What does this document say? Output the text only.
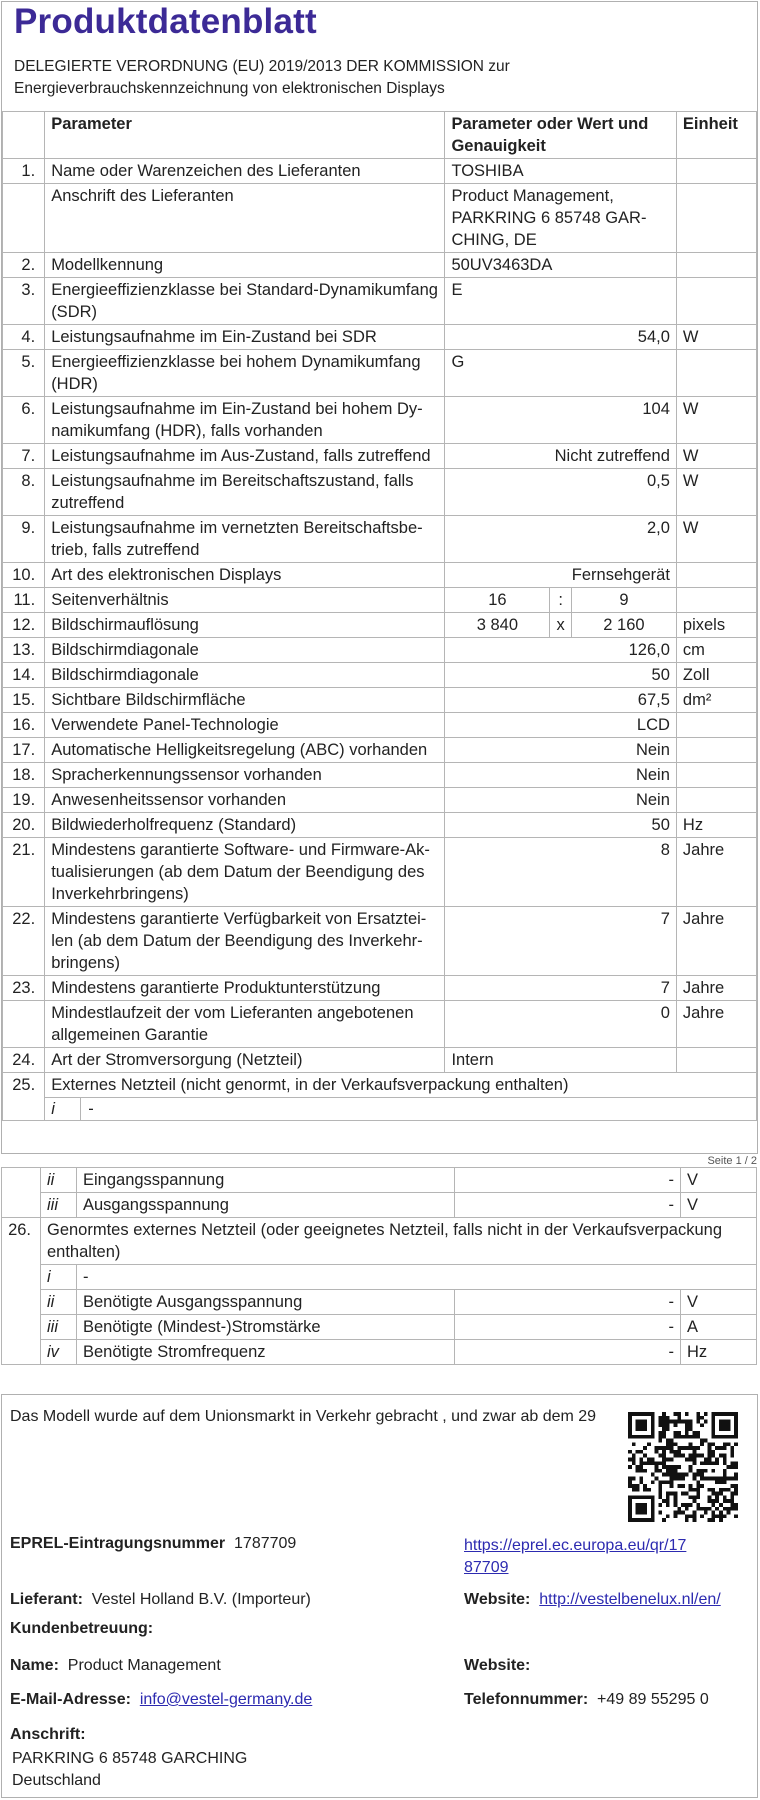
Produktdatenblatt
DELEGIERTE VERORDNUNG (EU) 2019/2013 DER KOMMISSION zur
Energieverbrauchskennzeichnung von elektronischen Displays
	Parameter	Parameter oder Wert und Genauigkeit			Einheit
1.	Name oder Warenzeichen des Lieferanten	TOSHIBA			
	Anschrift des Lieferanten	Product Management, PARKRING 6 85748 GAR-CHING, DE			
2.	Modellkennung	50UV3463DA			
3.	Energieeffizienzklasse bei Standard-Dynamikumfang (SDR)	E			
4.	Leistungsaufnahme im Ein-Zustand bei SDR	54,0			W
5.	Energieeffizienzklasse bei hohem Dynamikumfang (HDR)	G			
6.	Leistungsaufnahme im Ein-Zustand bei hohem Dy-namikumfang (HDR), falls vorhanden	104			W
7.	Leistungsaufnahme im Aus-Zustand, falls zutreffend	Nicht zutreffend			W
8.	Leistungsaufnahme im Bereitschaftszustand, falls zutreffend	0,5			W
9.	Leistungsaufnahme im vernetzten Bereitschaftsbe-trieb, falls zutreffend	2,0			W
10.	Art des elektronischen Displays	Fernsehgerät			
11.	Seitenverhältnis	16	:	9	
12.	Bildschirmauflösung	3 840	x	2 160	pixels
13.	Bildschirmdiagonale	126,0			cm
14.	Bildschirmdiagonale	50			Zoll
15.	Sichtbare Bildschirmfläche	67,5			dm²
16.	Verwendete Panel-Technologie	LCD			
17.	Automatische Helligkeitsregelung (ABC) vorhanden	Nein			
18.	Spracherkennungssensor vorhanden	Nein			
19.	Anwesenheitssensor vorhanden	Nein			
20.	Bildwiederholfrequenz (Standard)	50			Hz
21.	Mindestens garantierte Software- und Firmware-Ak-tualisierungen (ab dem Datum der Beendigung des Inverkehrbringens)	8			Jahre
22.	Mindestens garantierte Verfügbarkeit von Ersatztei-len (ab dem Datum der Beendigung des Inverkehr-bringens)	7			Jahre
23.	Mindestens garantierte Produktunterstützung	7			Jahre
	Mindestlaufzeit der vom Lieferanten angebotenen allgemeinen Garantie	0			Jahre
24.	Art der Stromversorgung (Netzteil)	Intern			
25.	Externes Netzteil (nicht genormt, in der Verkaufsverpackung enthalten)				

	i -				
Seite 1 / 2
	ii	Eingangsspannung	-	V
	iii	Ausgangsspannung	-	V
26.	Genormtes externes Netzteil (oder geeignetes Netzteil, falls nicht in der Verkaufsverpackung enthalten)			
	i	-		
	ii	Benötigte Ausgangsspannung	-	V
	iii	Benötigte (Mindest-)Stromstärke	-	A
	iv	Benötigte Stromfrequenz	-	Hz
Das Modell wurde auf dem Unionsmarkt in Verkehr gebracht , und zwar ab dem 29
EPREL-Eintragungsnummer 1787709	https://eprel.ec.europa.eu/qr/17
87709
Lieferant: Vestel Holland B.V. (Importeur)	Website: http://vestelbenelux.nl/en/
Kundenbetreuung:
Name: Product Management	Website:
E-Mail-Adresse: info@vestel-germany.de	Telefonnummer: +49 89 55295 0
Anschrift:
PARKRING 6 85748 GARCHING
Deutschland
